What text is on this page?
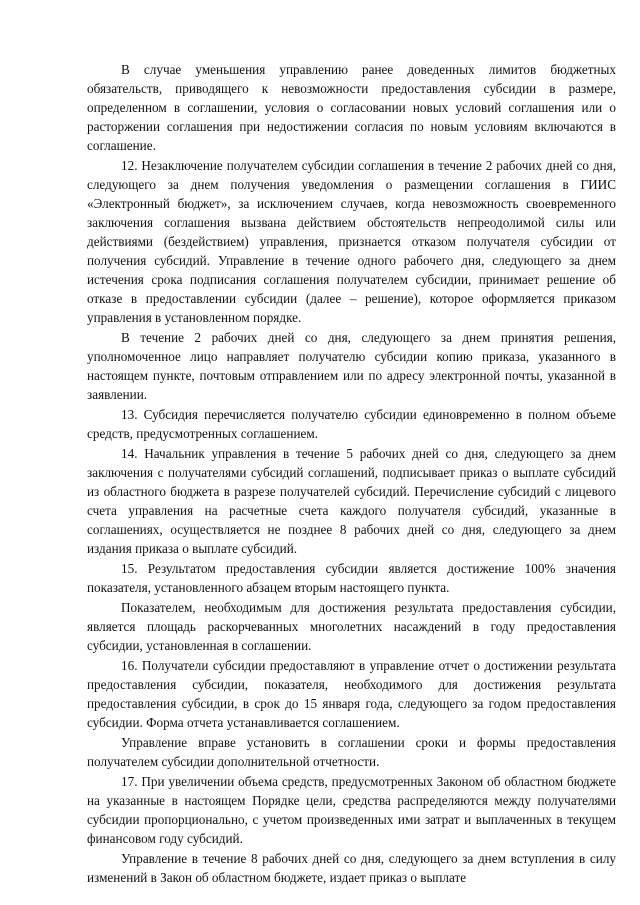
В случае уменьшения управлению ранее доведенных лимитов бюджетных обязательств, приводящего к невозможности предоставления субсидии в размере, определенном в соглашении, условия о согласовании новых условий соглашения или о расторжении соглашения при недостижении согласия по новым условиям включаются в соглашение.

12. Незаключение получателем субсидии соглашения в течение 2 рабочих дней со дня, следующего за днем получения уведомления о размещении соглашения в ГИИС «Электронный бюджет», за исключением случаев, когда невозможность своевременного заключения соглашения вызвана действием обстоятельств непреодолимой силы или действиями (бездействием) управления, признается отказом получателя субсидии от получения субсидий. Управление в течение одного рабочего дня, следующего за днем истечения срока подписания соглашения получателем субсидии, принимает решение об отказе в предоставлении субсидии (далее – решение), которое оформляется приказом управления в установленном порядке.

В течение 2 рабочих дней со дня, следующего за днем принятия решения, уполномоченное лицо направляет получателю субсидии копию приказа, указанного в настоящем пункте, почтовым отправлением или по адресу электронной почты, указанной в заявлении.

13. Субсидия перечисляется получателю субсидии единовременно в полном объеме средств, предусмотренных соглашением.

14. Начальник управления в течение 5 рабочих дней со дня, следующего за днем заключения с получателями субсидий соглашений, подписывает приказ о выплате субсидий из областного бюджета в разрезе получателей субсидий. Перечисление субсидий с лицевого счета управления на расчетные счета каждого получателя субсидий, указанные в соглашениях, осуществляется не позднее 8 рабочих дней со дня, следующего за днем издания приказа о выплате субсидий.

15. Результатом предоставления субсидии является достижение 100% значения показателя, установленного абзацем вторым настоящего пункта.

Показателем, необходимым для достижения результата предоставления субсидии, является площадь раскорчеванных многолетних насаждений в году предоставления субсидии, установленная в соглашении.

16. Получатели субсидии предоставляют в управление отчет о достижении результата предоставления субсидии, показателя, необходимого для достижения результата предоставления субсидии, в срок до 15 января года, следующего за годом предоставления субсидии. Форма отчета устанавливается соглашением.

Управление вправе установить в соглашении сроки и формы предоставления получателем субсидии дополнительной отчетности.

17. При увеличении объема средств, предусмотренных Законом об областном бюджете на указанные в настоящем Порядке цели, средства распределяются между получателями субсидии пропорционально, с учетом произведенных ими затрат и выплаченных в текущем финансовом году субсидий.

Управление в течение 8 рабочих дней со дня, следующего за днем вступления в силу изменений в Закон об областном бюджете, издает приказ о выплате
